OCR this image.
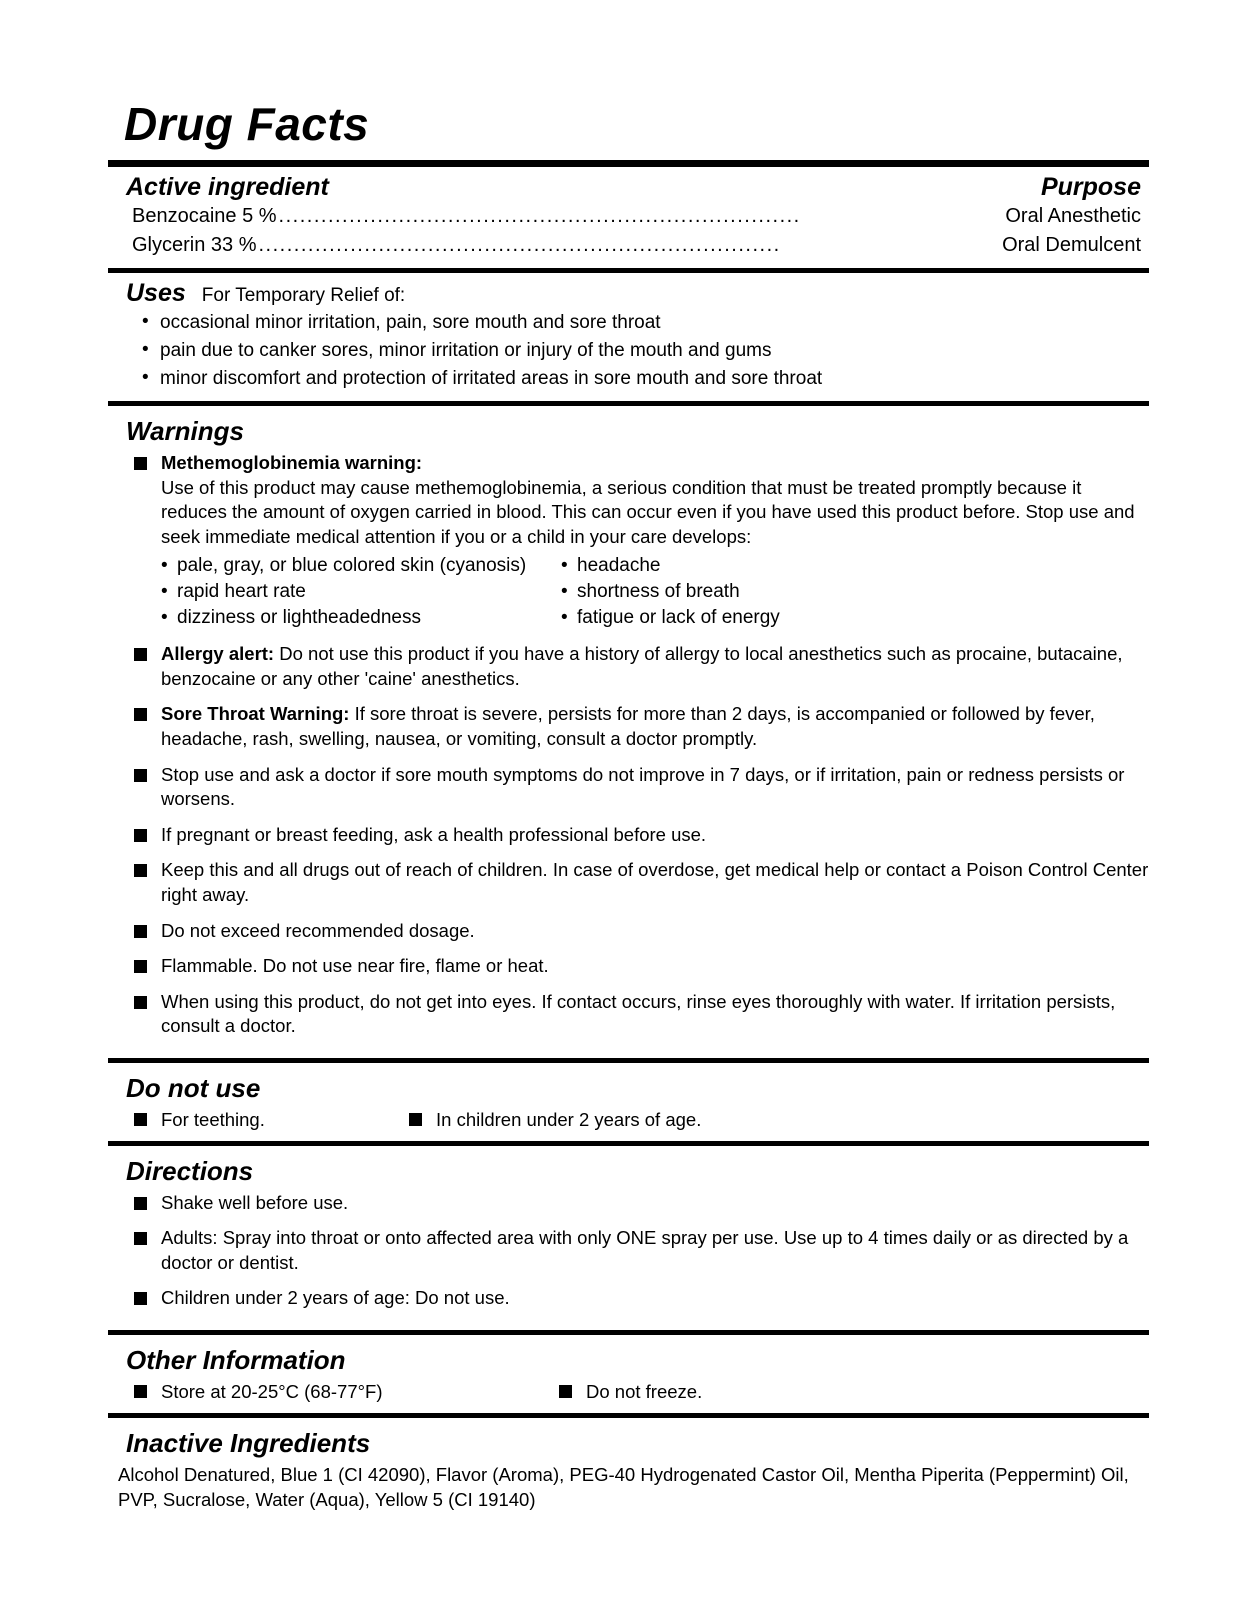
Drug Facts
Active ingredient	Purpose
Benzocaine 5 % ..........................................................................	Oral Anesthetic
Glycerin 33 % ..........................................................................	Oral Demulcent
Uses For Temporary Relief of:
• occasional minor irritation, pain, sore mouth and sore throat
• pain due to canker sores, minor irritation or injury of the mouth and gums
• minor discomfort and protection of irritated areas in sore mouth and sore throat
Warnings
Methemoglobinemia warning:
Use of this product may cause methemoglobinemia, a serious condition that must be treated promptly because it reduces the amount of oxygen carried in blood. This can occur even if you have used this product before. Stop use and seek immediate medical attention if you or a child in your care develops:
• pale, gray, or blue colored skin (cyanosis)
• rapid heart rate
• dizziness or lightheadedness
• headache
• shortness of breath
• fatigue or lack of energy
Allergy alert: Do not use this product if you have a history of allergy to local anesthetics such as procaine, butacaine, benzocaine or any other 'caine' anesthetics.
Sore Throat Warning: If sore throat is severe, persists for more than 2 days, is accompanied or followed by fever, headache, rash, swelling, nausea, or vomiting, consult a doctor promptly.
Stop use and ask a doctor if sore mouth symptoms do not improve in 7 days, or if irritation, pain or redness persists or worsens.
If pregnant or breast feeding, ask a health professional before use.
Keep this and all drugs out of reach of children. In case of overdose, get medical help or contact a Poison Control Center right away.
Do not exceed recommended dosage.
Flammable. Do not use near fire, flame or heat.
When using this product, do not get into eyes. If contact occurs, rinse eyes thoroughly with water. If irritation persists, consult a doctor.
Do not use
For teething.	In children under 2 years of age.
Directions
Shake well before use.
Adults: Spray into throat or onto affected area with only ONE spray per use. Use up to 4 times daily or as directed by a doctor or dentist.
Children under 2 years of age: Do not use.
Other Information
Store at 20-25°C (68-77°F)	Do not freeze.
Inactive Ingredients
Alcohol Denatured, Blue 1 (CI 42090), Flavor (Aroma), PEG-40 Hydrogenated Castor Oil, Mentha Piperita (Peppermint) Oil, PVP, Sucralose, Water (Aqua), Yellow 5 (CI 19140)
